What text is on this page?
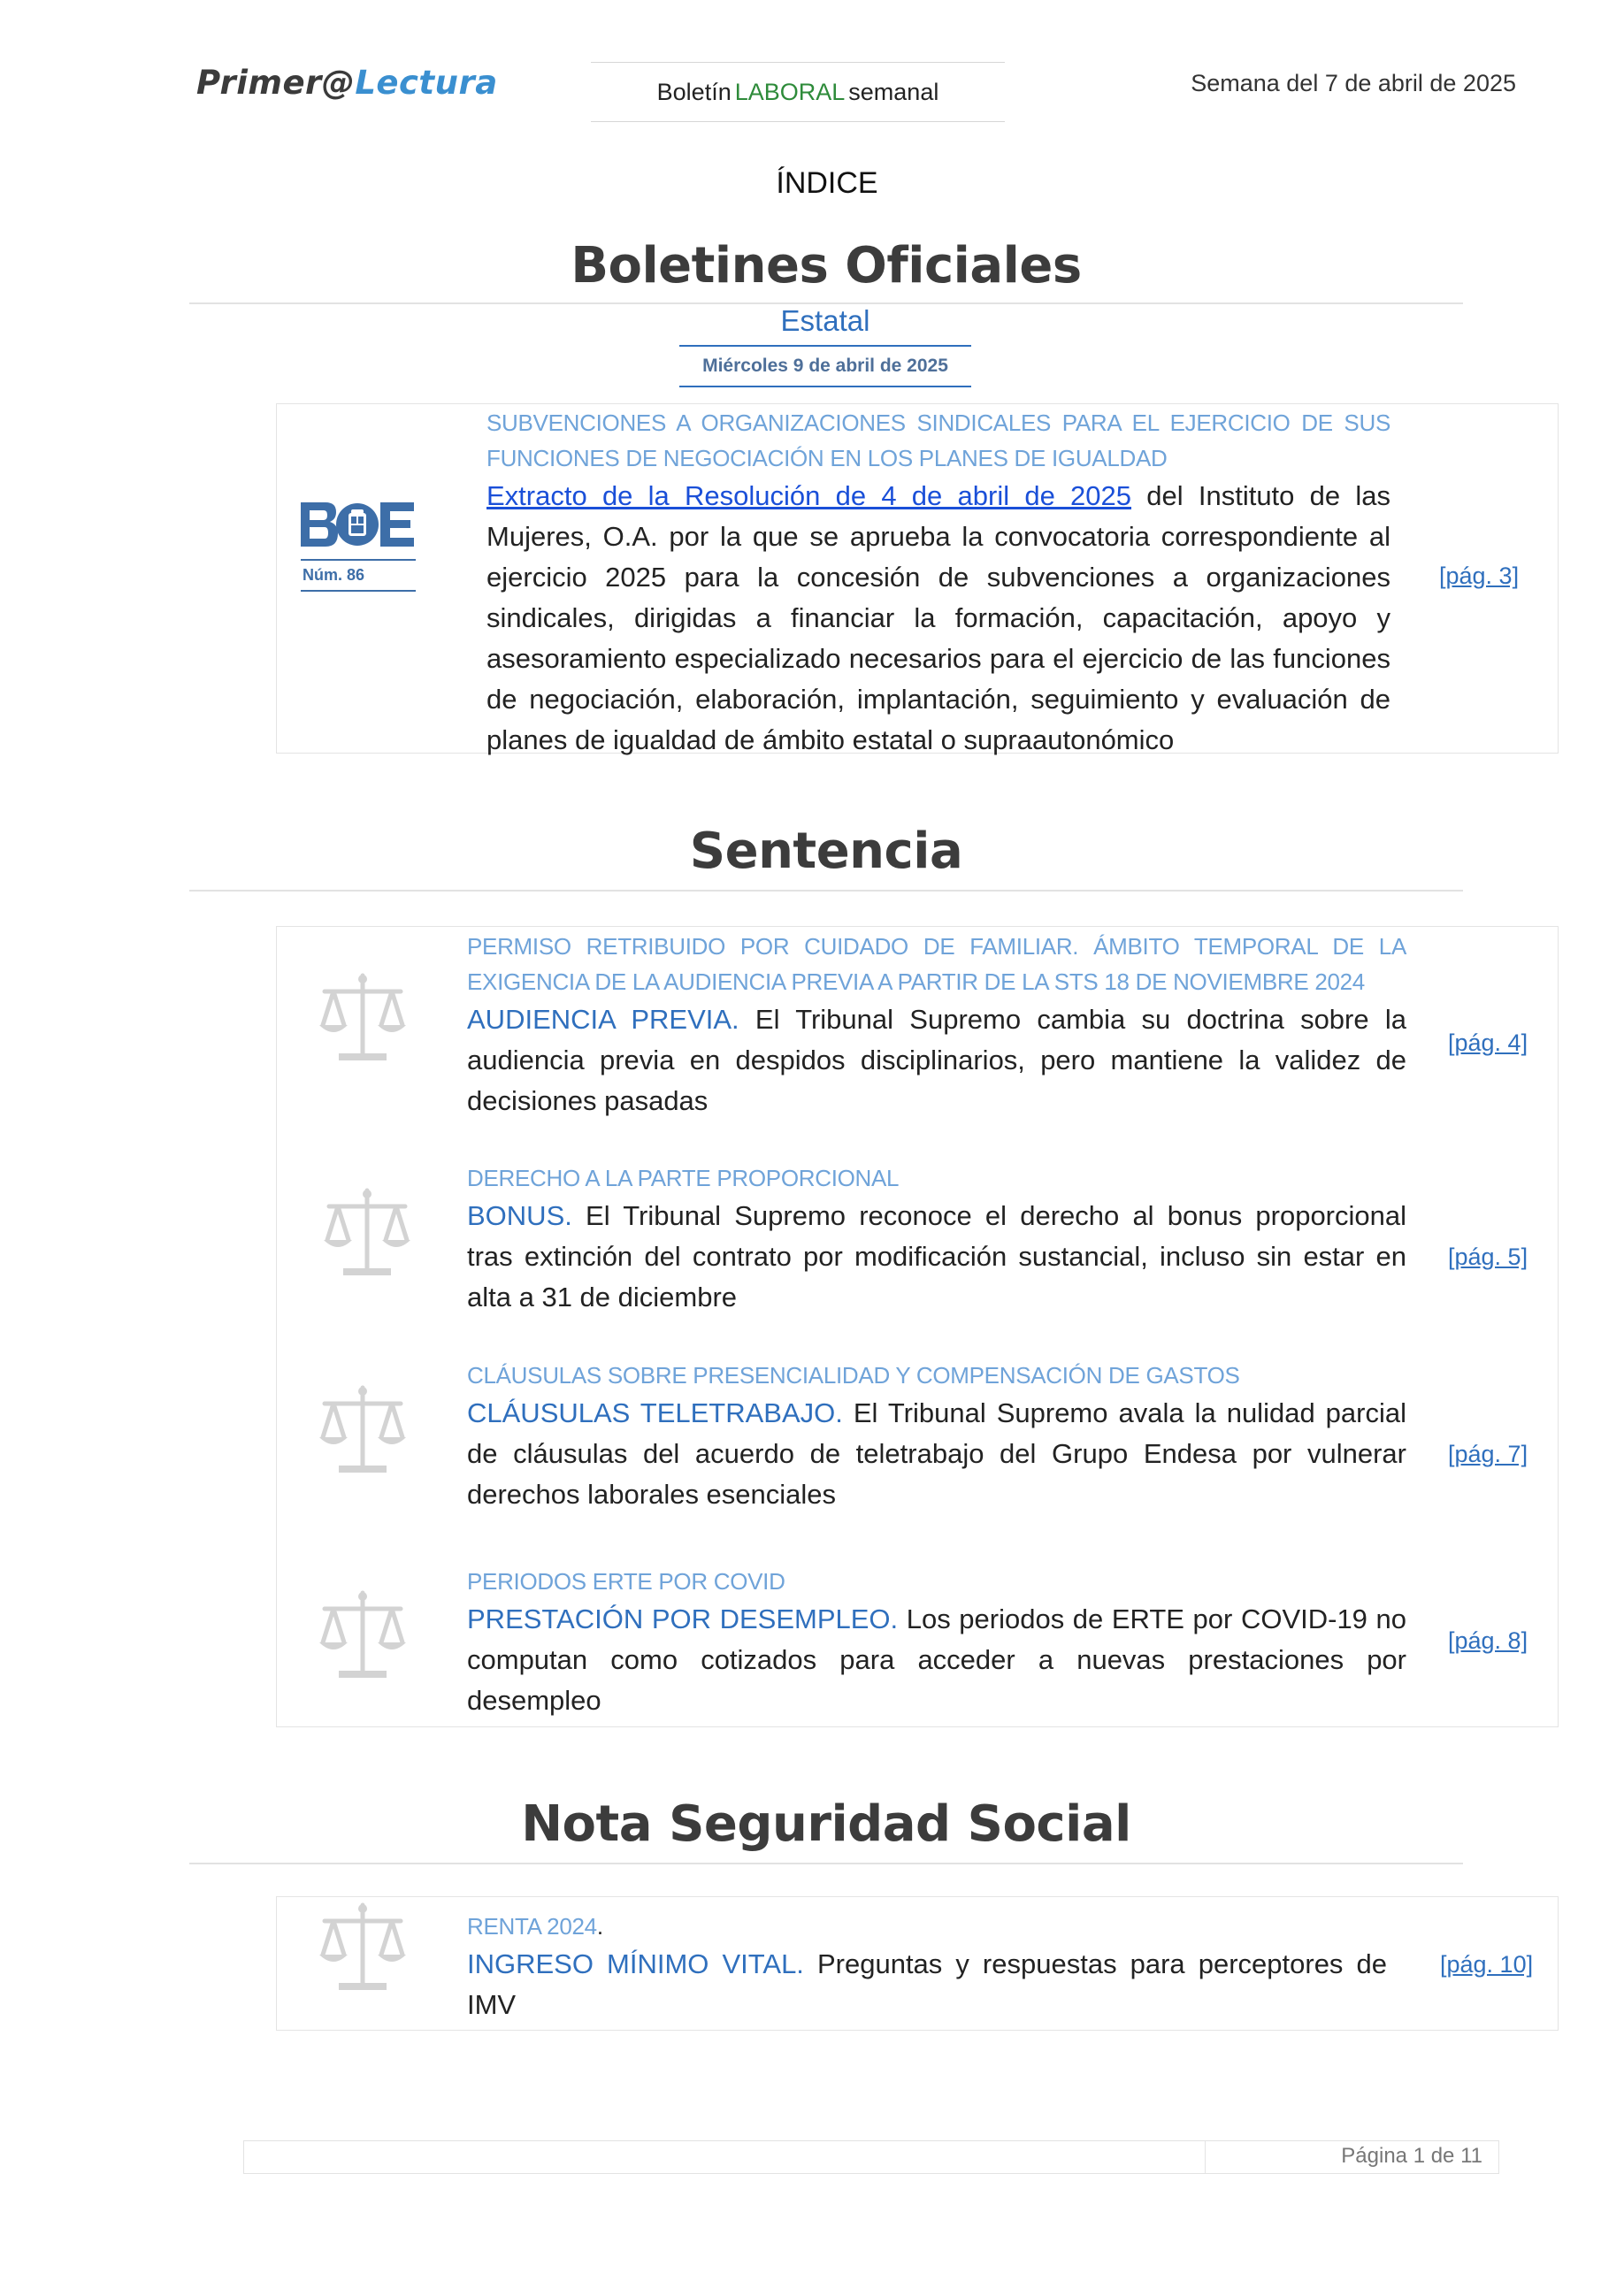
Primer@Lectura	Boletín LABORAL semanal	Semana del 7 de abril de 2025
ÍNDICE
Boletines Oficiales
Estatal
Miércoles 9 de abril de 2025
Núm. 86
SUBVENCIONES A ORGANIZACIONES SINDICALES PARA EL EJERCICIO DE SUS FUNCIONES DE NEGOCIACIÓN EN LOS PLANES DE IGUALDAD
Extracto de la Resolución de 4 de abril de 2025 del Instituto de las Mujeres, O.A. por la que se aprueba la convocatoria correspondiente al ejercicio 2025 para la concesión de subvenciones a organizaciones sindicales, dirigidas a financiar la formación, capacitación, apoyo y asesoramiento especializado necesarios para el ejercicio de las funciones de negociación, elaboración, implantación, seguimiento y evaluación de planes de igualdad de ámbito estatal o supraautonómico
[pág. 3]
Sentencia
PERMISO RETRIBUIDO POR CUIDADO DE FAMILIAR. ÁMBITO TEMPORAL DE LA EXIGENCIA DE LA AUDIENCIA PREVIA A PARTIR DE LA STS 18 DE NOVIEMBRE 2024
AUDIENCIA PREVIA. El Tribunal Supremo cambia su doctrina sobre la audiencia previa en despidos disciplinarios, pero mantiene la validez de decisiones pasadas
[pág. 4]
DERECHO A LA PARTE PROPORCIONAL
BONUS. El Tribunal Supremo reconoce el derecho al bonus proporcional tras extinción del contrato por modificación sustancial, incluso sin estar en alta a 31 de diciembre
[pág. 5]
CLÁUSULAS SOBRE PRESENCIALIDAD Y COMPENSACIÓN DE GASTOS
CLÁUSULAS TELETRABAJO. El Tribunal Supremo avala la nulidad parcial de cláusulas del acuerdo de teletrabajo del Grupo Endesa por vulnerar derechos laborales esenciales
[pág. 7]
PERIODOS ERTE POR COVID
PRESTACIÓN POR DESEMPLEO. Los periodos de ERTE por COVID-19 no computan como cotizados para acceder a nuevas prestaciones por desempleo
[pág. 8]
Nota Seguridad Social
RENTA 2024.
INGRESO MÍNIMO VITAL. Preguntas y respuestas para perceptores de IMV
[pág. 10]
Página 1 de 11
